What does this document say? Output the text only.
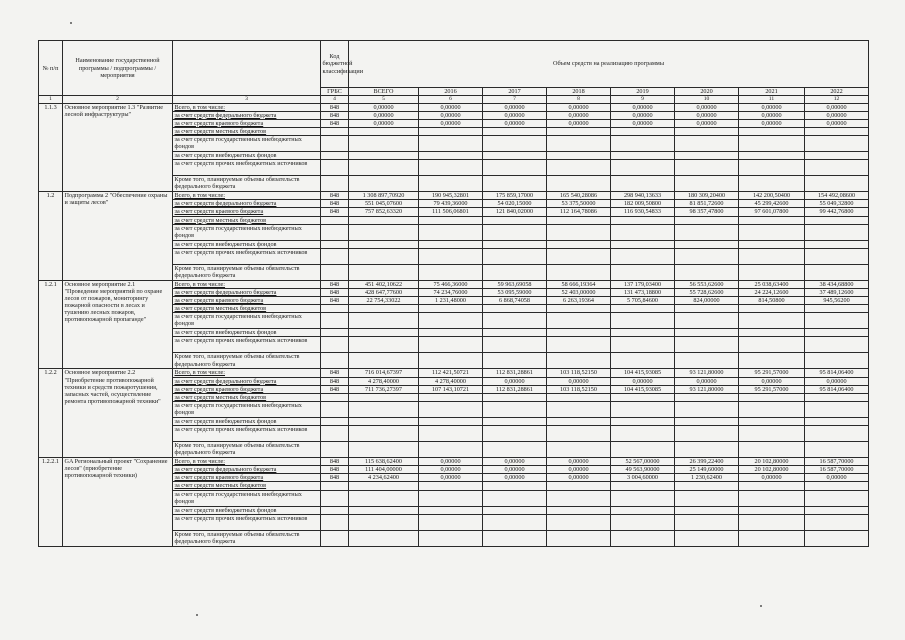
№ п/п	Наименование государственной программы / подпрограммы / мероприятия		Код бюджетной классификации	Объем средств на реализацию программы							
			ГРБС	ВСЕГО	2016	2017	2018	2019	2020	2021	2022
1	2	3	4	5	6	7	8	9	10	11	12
1.1.3	Основное мероприятие 1.3 "Развитие лесной инфраструктуры"	Всего, в том числе:	848	0,00000	0,00000	0,00000	0,00000	0,00000	0,00000	0,00000	0,00000
		за счет средств федерального бюджета	848	0,00000	0,00000	0,00000	0,00000	0,00000	0,00000	0,00000	0,00000
		за счет средств краевого бюджета	848	0,00000	0,00000	0,00000	0,00000	0,00000	0,00000	0,00000	0,00000
		за счет средств местных бюджетов									
		за счет средств государственных внебюджетных фондов									
		за счет средств внебюджетных фондов									
		за счет средств прочих внебюджетных источников									
		Кроме того, планируемые объемы обязательств федерального бюджета									
1.2	Подпрограмма 2 "Обеспечение охраны и защиты лесов"	Всего, в том числе:	848	1 308 897,70920	190 945,32801	175 859,17000	165 540,28086	298 940,13633	180 309,20400	142 200,50400	154 492,08600
		за счет средств федерального бюджета	848	551 045,07600	79 439,36000	54 020,15000	53 375,50000	182 009,50800	81 851,72600	45 299,42600	55 049,32800
		за счет средств краевого бюджета	848	757 852,63320	111 506,06801	121 840,02000	112 164,78086	116 930,54833	98 357,47800	97 601,07800	99 442,76800
		за счет средств местных бюджетов									
		за счет средств государственных внебюджетных фондов									
		за счет средств внебюджетных фондов									
		за счет средств прочих внебюджетных источников									
		Кроме того, планируемые объемы обязательств федерального бюджета									
1.2.1	Основное мероприятие 2.1 "Проведение мероприятий по охране лесов от пожаров, мониторингу пожарной опасности в лесах и тушению лесных пожаров, противопожарной пропаганде"	Всего, в том числе:	848	451 402,10622	75 466,36000	59 963,69058	58 666,19364	137 179,03400	56 553,62600	25 038,63400	38 434,68800
		за счет средств федерального бюджета	848	428 647,77600	74 234,76000	53 095,59000	52 403,00000	131 473,18800	55 728,62600	24 224,12600	37 489,12600
		за счет средств краевого бюджета	848	22 754,33022	1 231,48000	6 868,74058	6 263,19364	5 705,84600	824,00000	814,50800	945,56200
		за счет средств местных бюджетов									
		за счет средств государственных внебюджетных фондов									
		за счет средств внебюджетных фондов									
		за счет средств прочих внебюджетных источников									
		Кроме того, планируемые объемы обязательств федерального бюджета									
1.2.2	Основное мероприятие 2.2 "Приобретение противопожарной техники и средств пожаротушения, запасных частей, осуществление ремонта противопожарной техники"	Всего, в том числе:	848	716 014,67397	112 421,50721	112 831,28861	103 118,52150	104 415,93085	93 121,80000	95 291,57000	95 814,06400
		за счет средств федерального бюджета	848	4 278,40000	4 278,40000	0,00000	0,00000	0,00000	0,00000	0,00000	0,00000
		за счет средств краевого бюджета	848	711 736,27397	107 143,10721	112 831,28861	103 118,52150	104 415,93085	93 121,80000	95 291,57000	95 814,06400
		за счет средств местных бюджетов									
		за счет средств государственных внебюджетных фондов									
		за счет средств внебюджетных фондов									
		за счет средств прочих внебюджетных источников									
		Кроме того, планируемые объемы обязательств федерального бюджета									
1.2.2.1	GA Региональный проект "Сохранение лесов" (приобретение противопожарной техники)	Всего, в том числе:	848	115 638,62400	0,00000	0,00000	0,00000	52 567,00000	26 399,22400	20 102,80000	16 587,70000
		за счет средств федерального бюджета	848	111 404,00000	0,00000	0,00000	0,00000	49 563,90000	25 149,60000	20 102,80000	16 587,70000
		за счет средств краевого бюджета	848	4 234,62400	0,00000	0,00000	0,00000	3 004,60000	1 230,62400	0,00000	0,00000
		за счет средств местных бюджетов									
		за счет средств государственных внебюджетных фондов									
		за счет средств внебюджетных фондов									
		за счет средств прочих внебюджетных источников									
		Кроме того, планируемые объемы обязательств федерального бюджета									
